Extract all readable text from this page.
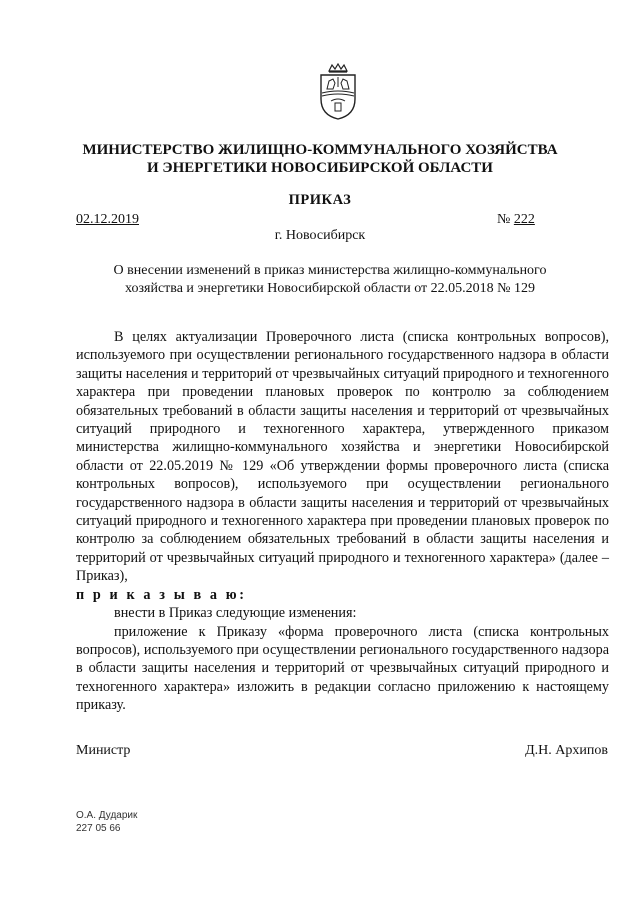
МИНИСТЕРСТВО ЖИЛИЩНО-КОММУНАЛЬНОГО ХОЗЯЙСТВА
И ЭНЕРГЕТИКИ НОВОСИБИРСКОЙ ОБЛАСТИ
ПРИКАЗ
02.12.2019	№ 222
г. Новосибирск
О внесении изменений в приказ министерства жилищно-коммунального
хозяйства и энергетики Новосибирской области от 22.05.2018 № 129

В целях актуализации Проверочного листа (списка контрольных вопросов), используемого при осуществлении регионального государственного надзора в области защиты населения и территорий от чрезвычайных ситуаций природного и техногенного характера при проведении плановых проверок по контролю за соблюдением обязательных требований в области защиты населения и территорий от чрезвычайных ситуаций природного и техногенного характера, утвержденного приказом министерства жилищно-коммунального хозяйства и энергетики Новосибирской области от 22.05.2019 № 129 «Об утверждении формы проверочного листа (списка контрольных вопросов), используемого при осуществлении регионального государственного надзора в области защиты населения и территорий от чрезвычайных ситуаций природного и техногенного характера при проведении плановых проверок по контролю за соблюдением обязательных требований в области защиты населения и территорий от чрезвычайных ситуаций природного и техногенного характера» (далее – Приказ),

п р и к а з ы в а ю:

внести в Приказ следующие изменения:

приложение к Приказу «форма проверочного листа (списка контрольных вопросов), используемого при осуществлении регионального государственного надзора в области защиты населения и территорий от чрезвычайных ситуаций природного и техногенного характера» изложить в редакции согласно приложению к настоящему приказу.

Министр	Д.Н. Архипов
О.А. Дударик
227 05 66
